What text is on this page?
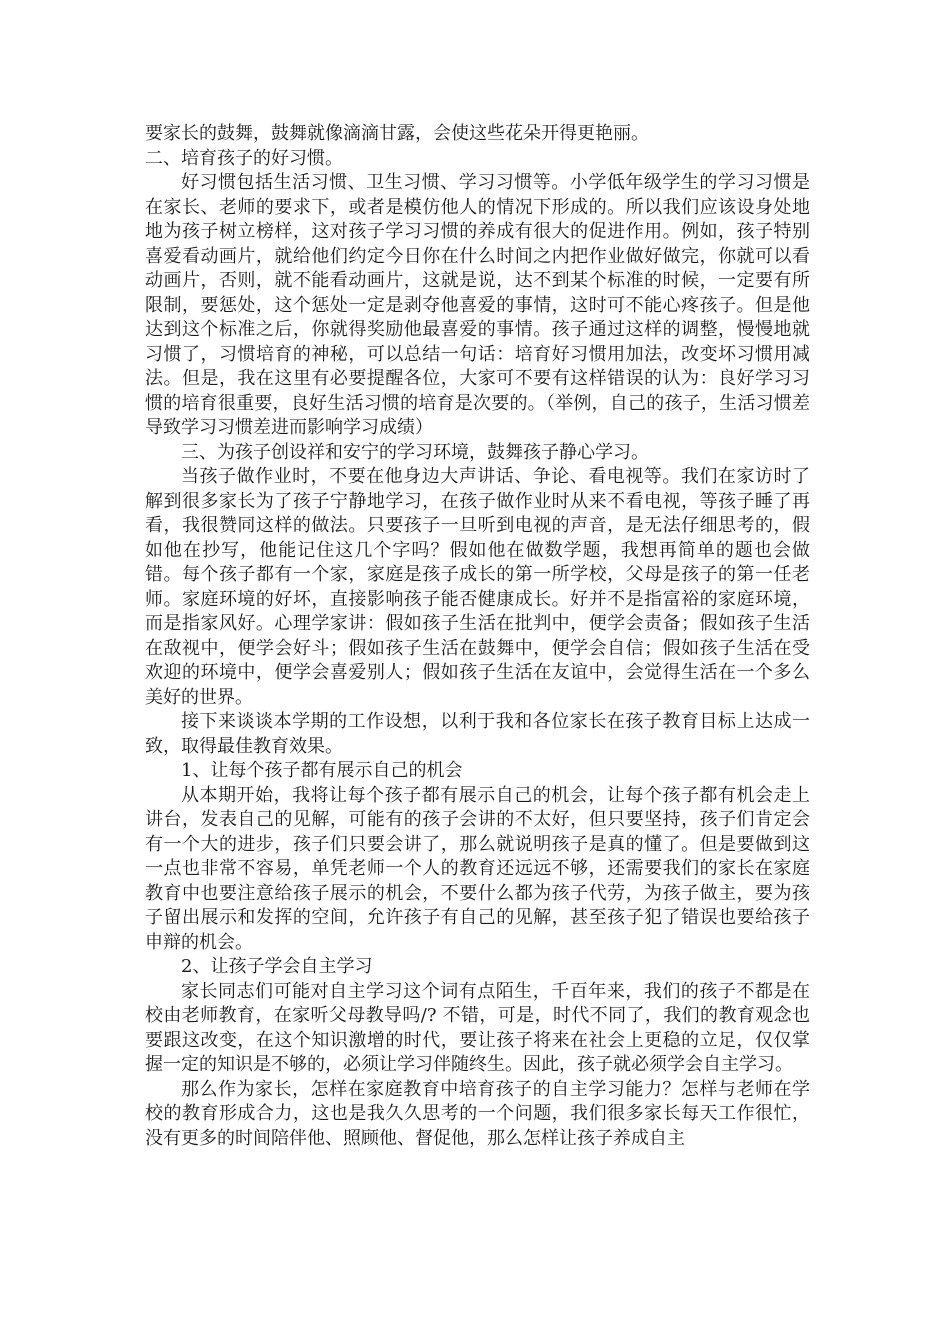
要家长的鼓舞，鼓舞就像滴滴甘露，会使这些花朵开得更艳丽。

二、培育孩子的好习惯。

好习惯包括生活习惯、卫生习惯、学习习惯等。小学低年级学生的学习习惯是在家长、老师的要求下，或者是模仿他人的情况下形成的。所以我们应该设身处地地为孩子树立榜样，这对孩子学习习惯的养成有很大的促进作用。例如，孩子特别喜爱看动画片，就给他们约定今日你在什么时间之内把作业做好做完，你就可以看动画片，否则，就不能看动画片，这就是说，达不到某个标准的时候，一定要有所限制，要惩处，这个惩处一定是剥夺他喜爱的事情，这时可不能心疼孩子。但是他达到这个标准之后，你就得奖励他最喜爱的事情。孩子通过这样的调整，慢慢地就习惯了，习惯培育的神秘，可以总结一句话：培育好习惯用加法，改变坏习惯用减法。但是，我在这里有必要提醒各位，大家可不要有这样错误的认为：良好学习习惯的培育很重要，良好生活习惯的培育是次要的。（举例，自己的孩子，生活习惯差导致学习习惯差进而影响学习成绩）

三、为孩子创设祥和安宁的学习环境，鼓舞孩子静心学习。

当孩子做作业时，不要在他身边大声讲话、争论、看电视等。我们在家访时了解到很多家长为了孩子宁静地学习，在孩子做作业时从来不看电视，等孩子睡了再看，我很赞同这样的做法。只要孩子一旦听到电视的声音，是无法仔细思考的，假如他在抄写，他能记住这几个字吗？假如他在做数学题，我想再简单的题也会做错。每个孩子都有一个家，家庭是孩子成长的第一所学校，父母是孩子的第一任老师。家庭环境的好坏，直接影响孩子能否健康成长。好并不是指富裕的家庭环境，而是指家风好。心理学家讲：假如孩子生活在批判中，便学会责备；假如孩子生活在敌视中，便学会好斗；假如孩子生活在鼓舞中，便学会自信；假如孩子生活在受欢迎的环境中，便学会喜爱别人；假如孩子生活在友谊中，会觉得生活在一个多么美好的世界。

接下来谈谈本学期的工作设想，以利于我和各位家长在孩子教育目标上达成一致，取得最佳教育效果。

1、让每个孩子都有展示自己的机会

从本期开始，我将让每个孩子都有展示自己的机会，让每个孩子都有机会走上讲台，发表自己的见解，可能有的孩子会讲的不太好，但只要坚持，孩子们肯定会有一个大的进步，孩子们只要会讲了，那么就说明孩子是真的懂了。但是要做到这一点也非常不容易，单凭老师一个人的教育还远远不够，还需要我们的家长在家庭教育中也要注意给孩子展示的机会，不要什么都为孩子代劳，为孩子做主，要为孩子留出展示和发挥的空间，允许孩子有自己的见解，甚至孩子犯了错误也要给孩子申辩的机会。

2、让孩子学会自主学习

家长同志们可能对自主学习这个词有点陌生，千百年来，我们的孩子不都是在校由老师教育，在家听父母教导吗/? 不错，可是，时代不同了，我们的教育观念也要跟这改变，在这个知识激增的时代，要让孩子将来在社会上更稳的立足，仅仅掌握一定的知识是不够的，必须让学习伴随终生。因此，孩子就必须学会自主学习。

那么作为家长，怎样在家庭教育中培育孩子的自主学习能力？怎样与老师在学校的教育形成合力，这也是我久久思考的一个问题，我们很多家长每天工作很忙，没有更多的时间陪伴他、照顾他、督促他，那么怎样让孩子养成自主
